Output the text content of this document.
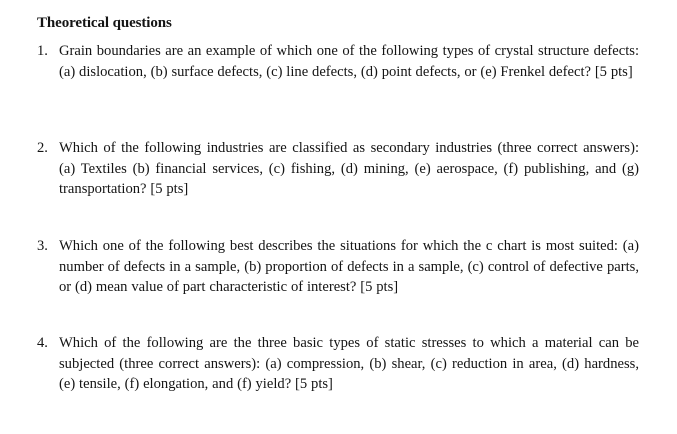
Theoretical questions
1. Grain boundaries are an example of which one of the following types of crystal structure defects: (a) dislocation, (b) surface defects, (c) line defects, (d) point defects, or (e) Frenkel defect? [5 pts]
2. Which of the following industries are classified as secondary industries (three correct answers): (a) Textiles (b) financial services, (c) fishing, (d) mining, (e) aerospace, (f) publishing, and (g) transportation? [5 pts]
3. Which one of the following best describes the situations for which the c chart is most suited: (a) number of defects in a sample, (b) proportion of defects in a sample, (c) control of defective parts, or (d) mean value of part characteristic of interest? [5 pts]
4. Which of the following are the three basic types of static stresses to which a material can be subjected (three correct answers): (a) compression, (b) shear, (c) reduction in area, (d) hardness, (e) tensile, (f) elongation, and (f) yield? [5 pts]
